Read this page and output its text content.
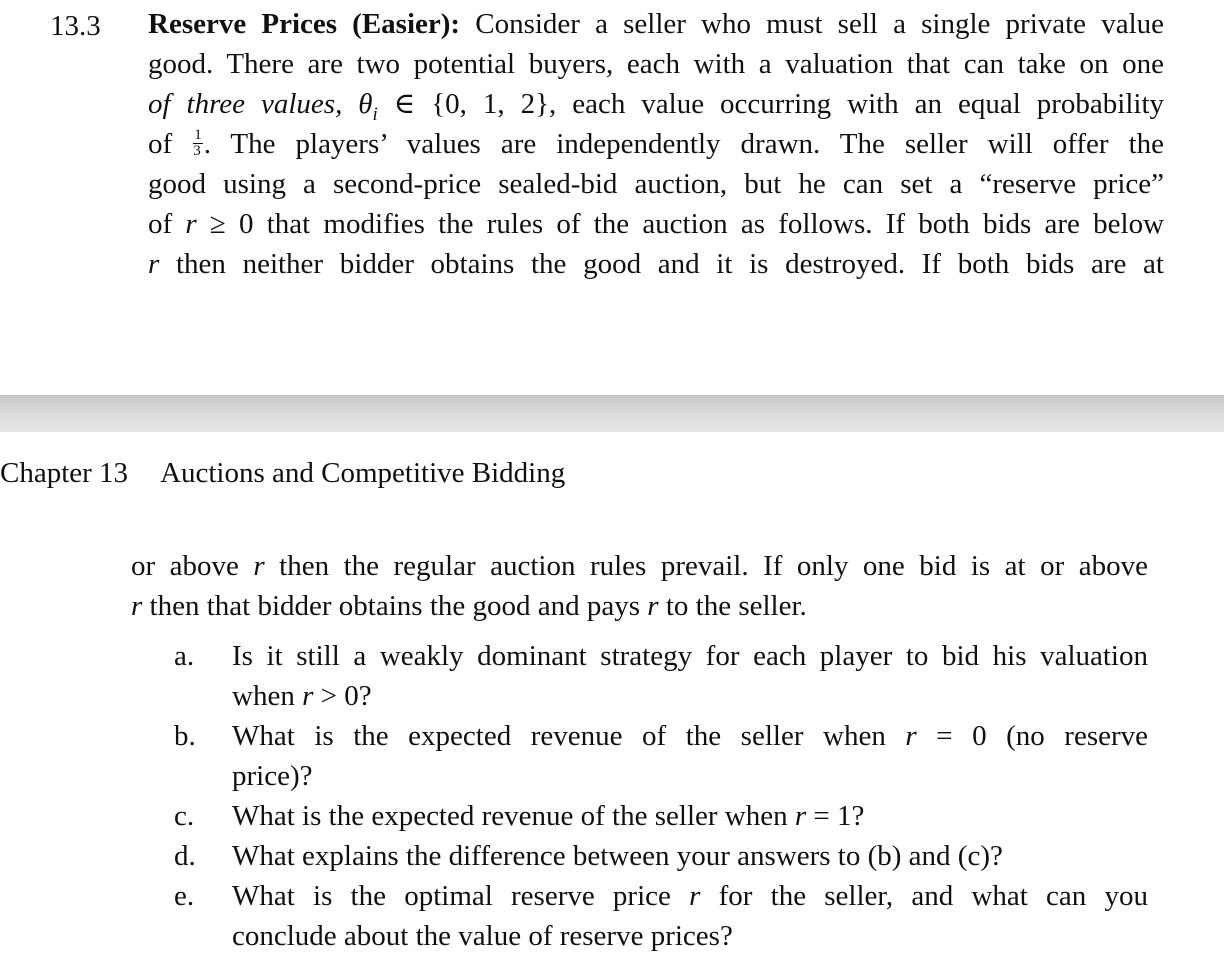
13.3 Reserve Prices (Easier): Consider a seller who must sell a single private value
good. There are two potential buyers, each with a valuation that can take on one
of three values, $\theta_i$ ∈ {0, 1, 2}, each value occurring with an equal probability
of $\frac{1}{3}$ . The players’ values are independently drawn. The seller will offer the
good using a second-price sealed-bid auction, but he can set a “reserve price”
of r ≥ 0 that modifies the rules of the auction as follows. If both bids are below
r then neither bidder obtains the good and it is destroyed. If both bids are at
Chapter 13 Auctions and Competitive Bidding
or above r then the regular auction rules prevail. If only one bid is at or above
r then that bidder obtains the good and pays r to the seller.
a. Is it still a weakly dominant strategy for each player to bid his valuation
when r > 0?
b. What is the expected revenue of the seller when r = 0 (no reserve
price)?
c. What is the expected revenue of the seller when r = 1?
d. What explains the difference between your answers to (b) and (c)?
e. What is the optimal reserve price r for the seller, and what can you
conclude about the value of reserve prices?
